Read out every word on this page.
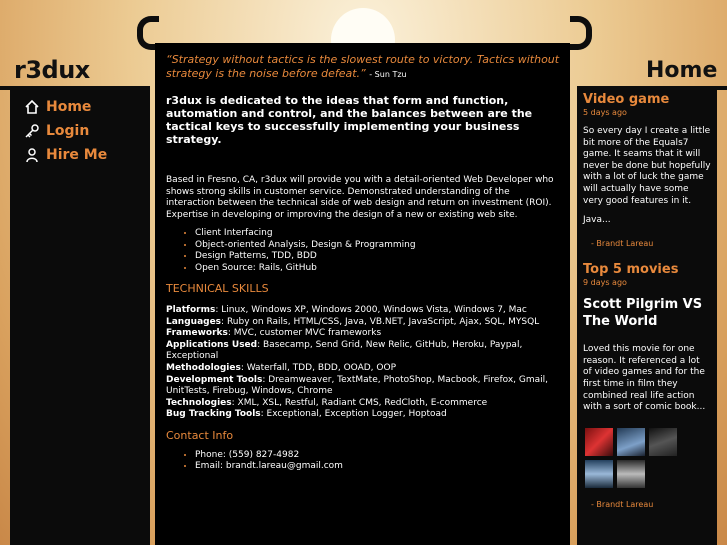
r3dux	Home
Home
Login
Hire Me

“Strategy without tactics is the slowest route to victory. Tactics without strategy is the noise before defeat.” - Sun Tzu

r3dux is dedicated to the ideas that form and function, automation and control, and the balances between are the tactical keys to successfully implementing your business strategy.

Based in Fresno, CA, r3dux will provide you with a detail-oriented Web Developer who shows strong skills in customer service. Demonstrated understanding of the interaction between the technical side of web design and return on investment (ROI). Expertise in developing or improving the design of a new or existing web site.

• Client Interfacing
• Object-oriented Analysis, Design & Programming
• Design Patterns, TDD, BDD
• Open Source: Rails, GitHub
TECHNICAL SKILLS
Platforms: Linux, Windows XP, Windows 2000, Windows Vista, Windows 7, Mac
Languages: Ruby on Rails, HTML/CSS, Java, VB.NET, JavaScript, Ajax, SQL, MYSQL
Frameworks: MVC, customer MVC frameworks
Applications Used: Basecamp, Send Grid, New Relic, GitHub, Heroku, Paypal, Exceptional
Methodologies: Waterfall, TDD, BDD, OOAD, OOP
Development Tools: Dreamweaver, TextMate, PhotoShop, Macbook, Firefox, Gmail, UnitTests, Firebug, Windows, Chrome
Technologies: XML, XSL, Restful, Radiant CMS, RedCloth, E-commerce
Bug Tracking Tools: Exceptional, Exception Logger, Hoptoad
Contact Info
• Phone: (559) 827-4982
• Email: brandt.lareau@gmail.com
Video game
5 days ago

So every day I create a little bit more of the Equals7 game. It seams that it will never be done but hopefully with a lot of luck the game will actually have some very good features in it.

Java...

- Brandt Lareau

Top 5 movies
9 days ago
Scott Pilgrim VS The World

Loved this movie for one reason. It referenced a lot of video games and for the first time in film they combined real life action with a sort of comic book...

- Brandt Lareau
